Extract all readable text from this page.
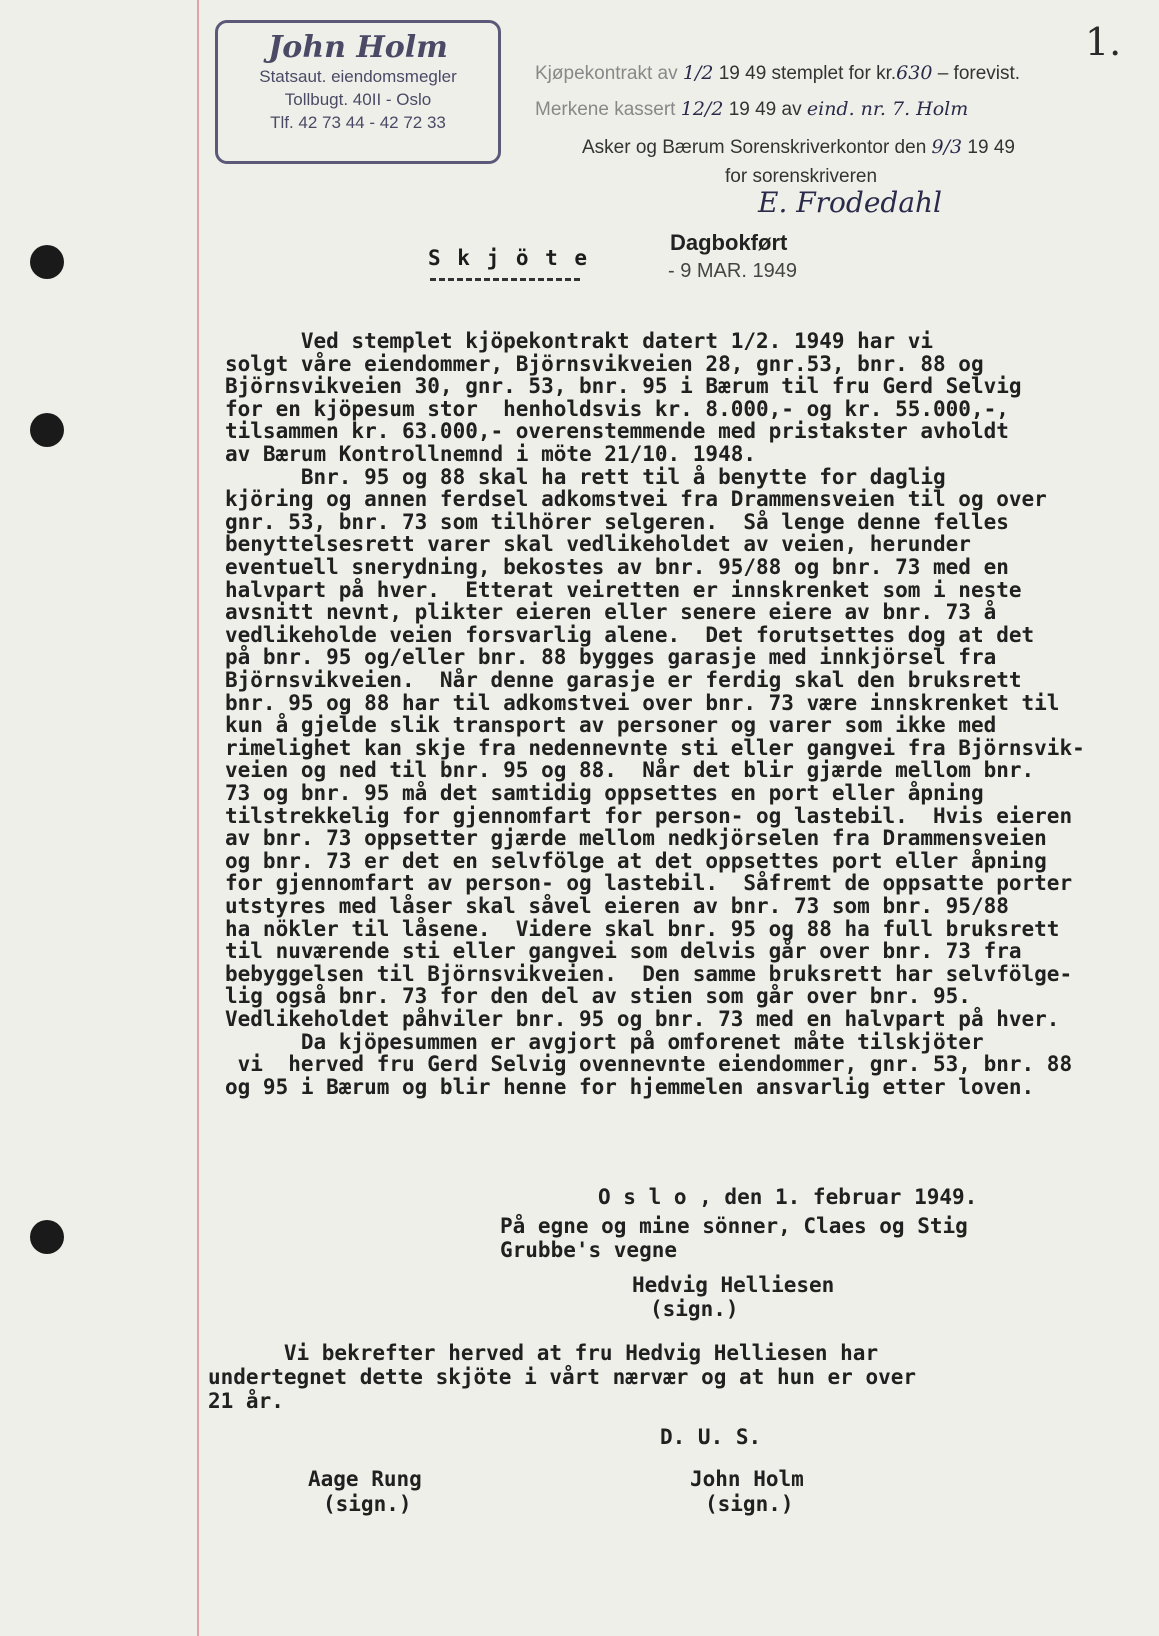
1.
John Holm
Statsaut. eiendomsmegler
Tollbugt. 40II - Oslo
Tlf. 42 73 44 - 42 72 33
Kjøpekontrakt av 1/2 19 49 stemplet for kr.630 – forevist.
Merkene kassert 12/2 19 49 av eind. nr. 7. Holm
Asker og Bærum Sorenskriverkontor den 9/3 19 49
for sorenskriveren
E. Frodedahl
Dagbokført
- 9 MAR. 1949
S k j ö t e
Ved stemplet kjöpekontrakt datert 1/2. 1949 har vi
solgt våre eiendommer, Björnsvikveien 28, gnr.53, bnr. 88 og
Björnsvikveien 30, gnr. 53, bnr. 95 i Bærum til fru Gerd Selvig
for en kjöpesum stor  henholdsvis kr. 8.000,- og kr. 55.000,-,
tilsammen kr. 63.000,- overenstemmende med pristakster avholdt
av Bærum Kontrollnemnd i möte 21/10. 1948.
Bnr. 95 og 88 skal ha rett til å benytte for daglig
kjöring og annen ferdsel adkomstvei fra Drammensveien til og over
gnr. 53, bnr. 73 som tilhörer selgeren.  Så lenge denne felles
benyttelsesrett varer skal vedlikeholdet av veien, herunder
eventuell snerydning, bekostes av bnr. 95/88 og bnr. 73 med en
halvpart på hver.  Etterat veiretten er innskrenket som i neste
avsnitt nevnt, plikter eieren eller senere eiere av bnr. 73 å
vedlikeholde veien forsvarlig alene.  Det forutsettes dog at det
på bnr. 95 og/eller bnr. 88 bygges garasje med innkjörsel fra
Björnsvikveien.  Når denne garasje er ferdig skal den bruksrett
bnr. 95 og 88 har til adkomstvei over bnr. 73 være innskrenket til
kun å gjelde slik transport av personer og varer som ikke med
rimelighet kan skje fra nedennevnte sti eller gangvei fra Björnsvik-
veien og ned til bnr. 95 og 88.  Når det blir gjærde mellom bnr.
73 og bnr. 95 må det samtidig oppsettes en port eller åpning
tilstrekkelig for gjennomfart for person- og lastebil.  Hvis eieren
av bnr. 73 oppsetter gjærde mellom nedkjörselen fra Drammensveien
og bnr. 73 er det en selvfölge at det oppsettes port eller åpning
for gjennomfart av person- og lastebil.  Såfremt de oppsatte porter
utstyres med låser skal såvel eieren av bnr. 73 som bnr. 95/88
ha nökler til låsene.  Videre skal bnr. 95 og 88 ha full bruksrett
til nuværende sti eller gangvei som delvis går over bnr. 73 fra
bebyggelsen til Björnsvikveien.  Den samme bruksrett har selvfölge-
lig også bnr. 73 for den del av stien som går over bnr. 95.
Vedlikeholdet påhviler bnr. 95 og bnr. 73 med en halvpart på hver.
Da kjöpesummen er avgjort på omforenet måte tilskjöter
vi  herved fru Gerd Selvig ovennevnte eiendommer, gnr. 53, bnr. 88
og 95 i Bærum og blir henne for hjemmelen ansvarlig etter loven.
O s l o , den 1. februar 1949.
På egne og mine sönner, Claes og Stig
Grubbe's vegne
Hedvig Helliesen
(sign.)
Vi bekrefter herved at fru Hedvig Helliesen har
undertegnet dette skjöte i vårt nærvær og at hun er over
21 år.
D. U. S.
Aage Rung
(sign.)
John Holm
(sign.)
